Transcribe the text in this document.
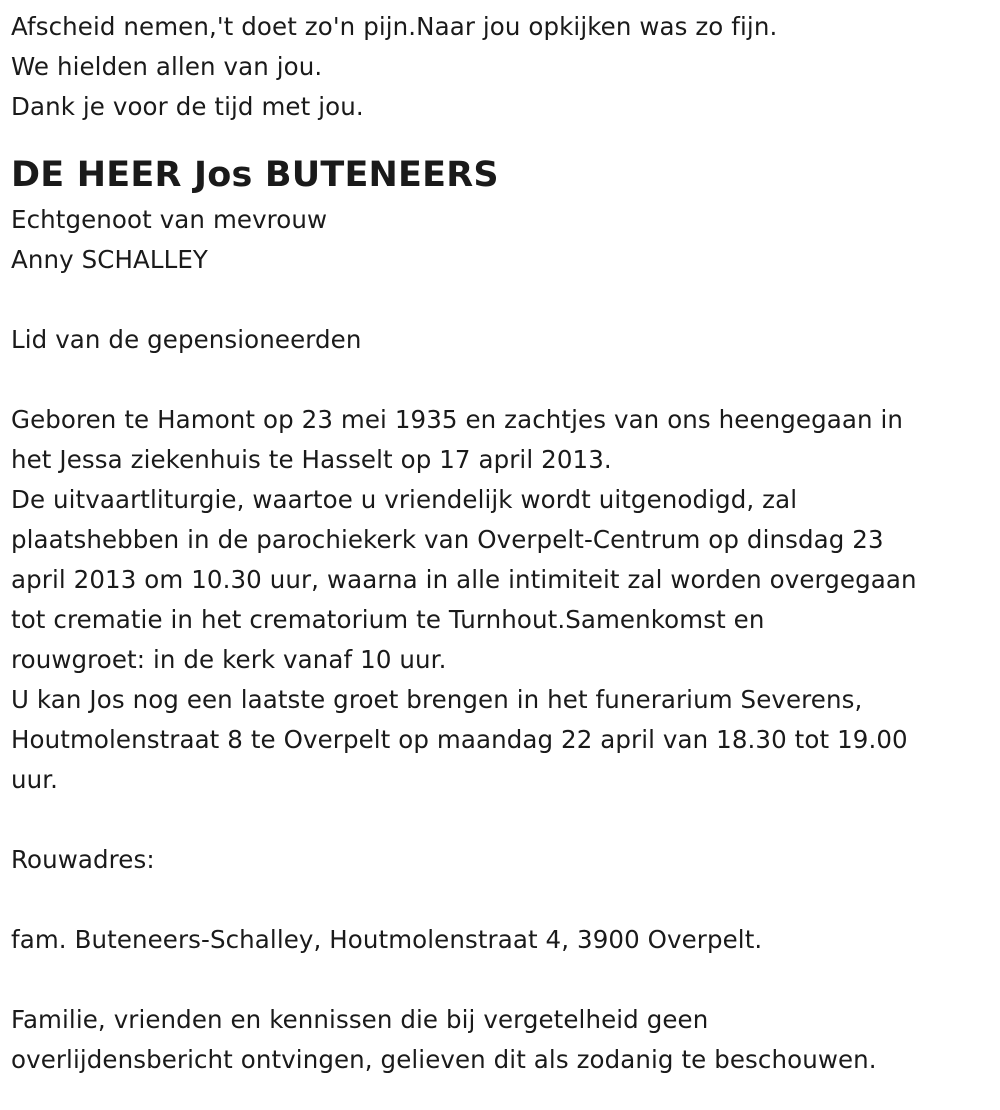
Afscheid nemen,'t doet zo'n pijn.Naar jou opkijken was zo fijn.
We hielden allen van jou.
Dank je voor de tijd met jou.
DE HEER Jos BUTENEERS
Echtgenoot van mevrouw
Anny SCHALLEY
Lid van de gepensioneerden
Geboren te Hamont op 23 mei 1935 en zachtjes van ons heengegaan in
het Jessa ziekenhuis te Hasselt op 17 april 2013.
De uitvaartliturgie, waartoe u vriendelijk wordt uitgenodigd, zal
plaatshebben in de parochiekerk van Overpelt-Centrum op dinsdag 23
april 2013 om 10.30 uur, waarna in alle intimiteit zal worden overgegaan
tot crematie in het crematorium te Turnhout.Samenkomst en
rouwgroet: in de kerk vanaf 10 uur.
U kan Jos nog een laatste groet brengen in het funerarium Severens,
Houtmolenstraat 8 te Overpelt op maandag 22 april van 18.30 tot 19.00
uur.
Rouwadres:
fam. Buteneers-Schalley, Houtmolenstraat 4, 3900 Overpelt.
Familie, vrienden en kennissen die bij vergetelheid geen
overlijdensbericht ontvingen, gelieven dit als zodanig te beschouwen.
